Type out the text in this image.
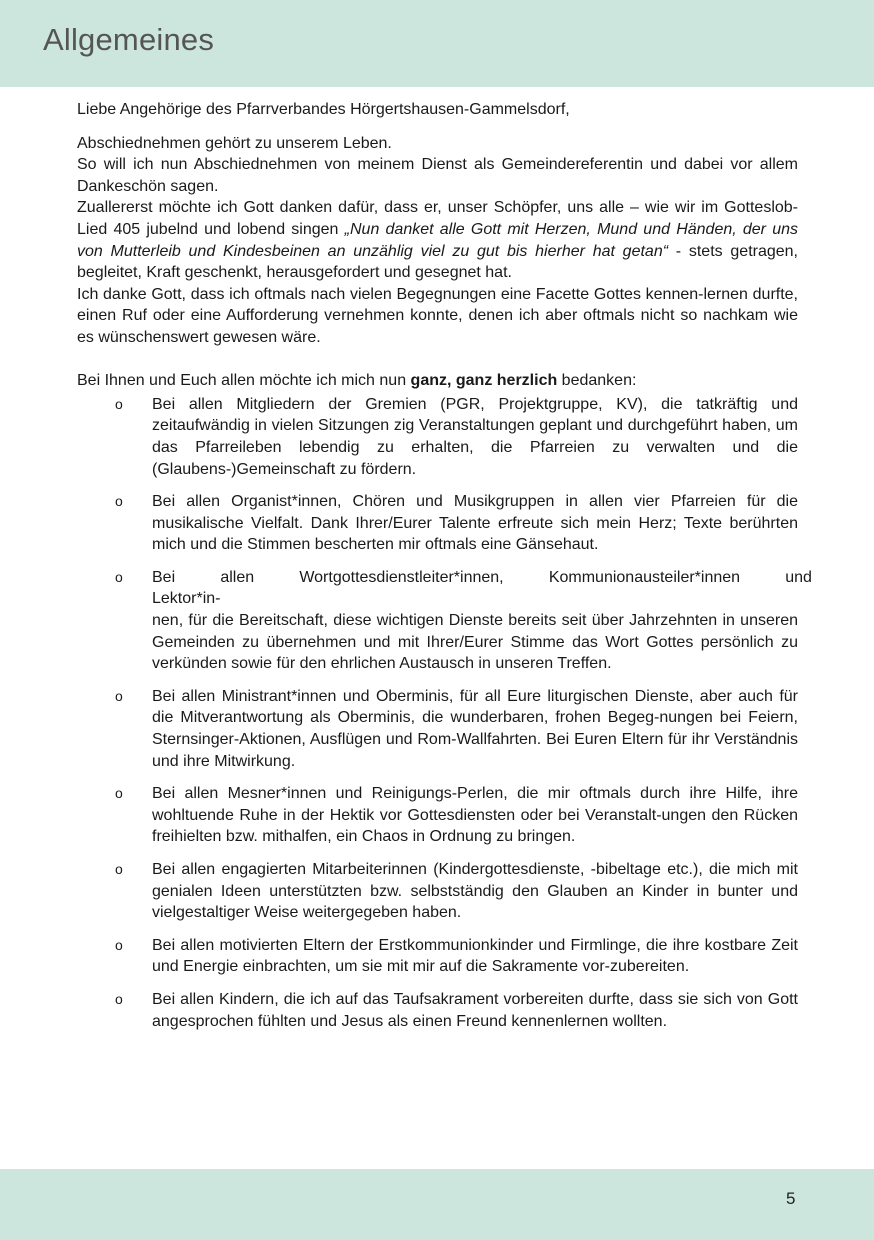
Allgemeines

Liebe Angehörige des Pfarrverbandes Hörgertshausen-Gammelsdorf,

Abschiednehmen gehört zu unserem Leben.

So will ich nun Abschiednehmen von meinem Dienst als Gemeindereferentin und dabei vor allem Dankeschön sagen.

Zuallererst möchte ich Gott danken dafür, dass er, unser Schöpfer, uns alle – wie wir im Gotteslob-Lied 405 jubelnd und lobend singen „Nun danket alle Gott mit Herzen, Mund und Händen, der uns von Mutterleib und Kindesbeinen an unzählig viel zu gut bis hierher hat getan“ - stets getragen, begleitet, Kraft geschenkt, herausgefordert und gesegnet hat.

Ich danke Gott, dass ich oftmals nach vielen Begegnungen eine Facette Gottes kennen-lernen durfte, einen Ruf oder eine Aufforderung vernehmen konnte, denen ich aber oftmals nicht so nachkam wie es wünschenswert gewesen wäre.

Bei Ihnen und Euch allen möchte ich mich nun ganz, ganz herzlich bedanken:

o Bei allen Mitgliedern der Gremien (PGR, Projektgruppe, KV), die tatkräftig und zeitaufwändig in vielen Sitzungen zig Veranstaltungen geplant und durchgeführt haben, um das Pfarreileben lebendig zu erhalten, die Pfarreien zu verwalten und die (Glaubens-)Gemeinschaft zu fördern.
o Bei allen Organist*innen, Chören und Musikgruppen in allen vier Pfarreien für die musikalische Vielfalt. Dank Ihrer/Eurer Talente erfreute sich mein Herz; Texte berührten mich und die Stimmen bescherten mir oftmals eine Gänsehaut.
o Bei	allen	Wortgottesdienstleiter*innen,	Kommunionausteiler*innen	und
Lektor*in-
nen, für die Bereitschaft, diese wichtigen Dienste bereits seit über Jahrzehnten in unseren Gemeinden zu übernehmen und mit Ihrer/Eurer Stimme das Wort Gottes persönlich zu verkünden sowie für den ehrlichen Austausch in unseren Treffen.
o Bei allen Ministrant*innen und Oberminis, für all Eure liturgischen Dienste, aber auch für die Mitverantwortung als Oberminis, die wunderbaren, frohen Begeg-nungen bei Feiern, Sternsinger-Aktionen, Ausflügen und Rom-Wallfahrten. Bei Euren Eltern für ihr Verständnis und ihre Mitwirkung.
o Bei allen Mesner*innen und Reinigungs-Perlen, die mir oftmals durch ihre Hilfe, ihre wohltuende Ruhe in der Hektik vor Gottesdiensten oder bei Veranstalt-ungen den Rücken freihielten bzw. mithalfen, ein Chaos in Ordnung zu bringen.
o Bei allen engagierten Mitarbeiterinnen (Kindergottesdienste, -bibeltage etc.), die mich mit genialen Ideen unterstützten bzw. selbstständig den Glauben an Kinder in bunter und vielgestaltiger Weise weitergegeben haben.
o Bei allen motivierten Eltern der Erstkommunionkinder und Firmlinge, die ihre kostbare Zeit und Energie einbrachten, um sie mit mir auf die Sakramente vor-zubereiten.
o Bei allen Kindern, die ich auf das Taufsakrament vorbereiten durfte, dass sie sich von Gott angesprochen fühlten und Jesus als einen Freund kennenlernen wollten.
5
